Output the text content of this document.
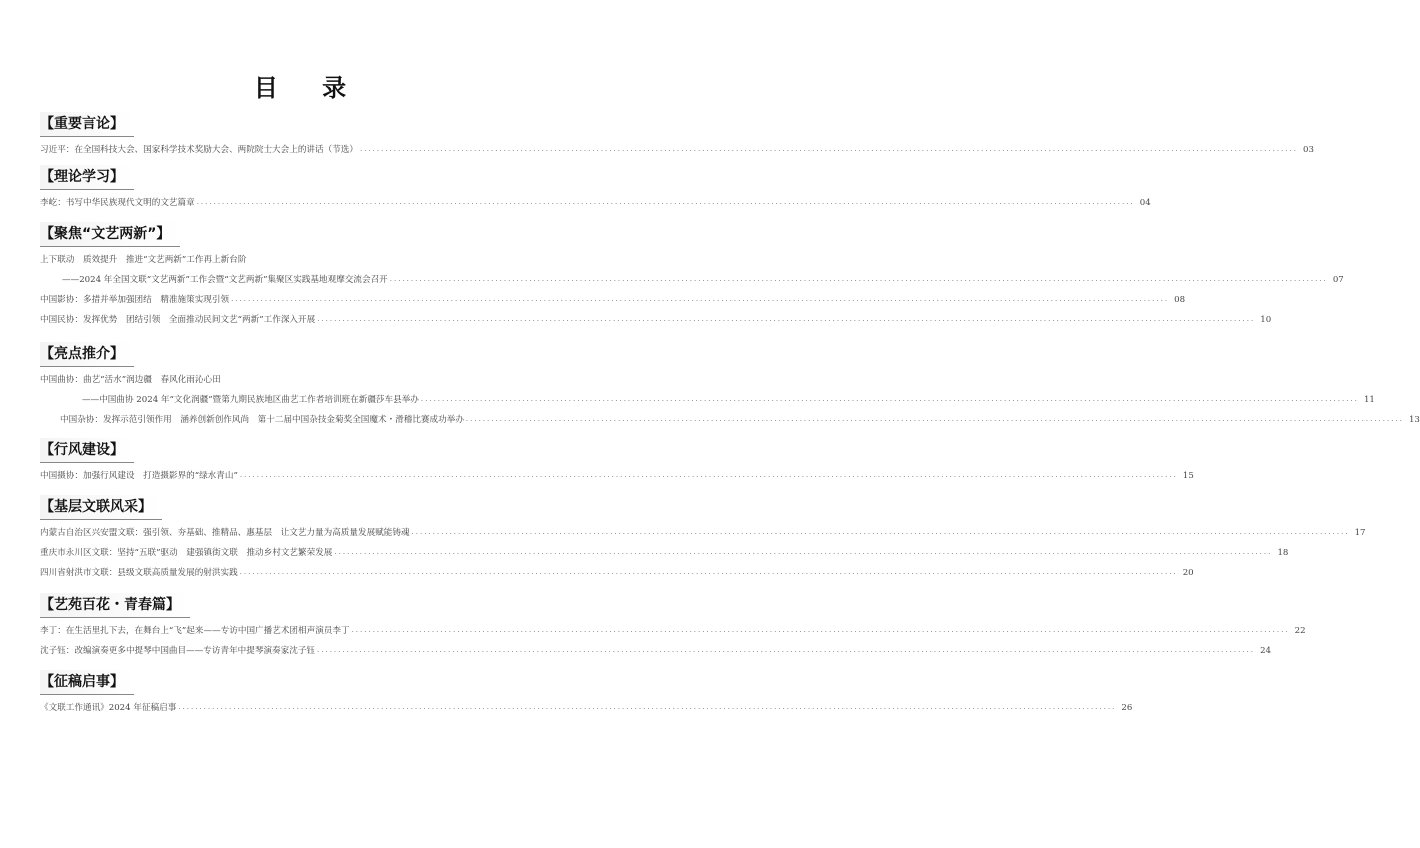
目 录
【重要言论】
习近平：在全国科技大会、国家科学技术奖励大会、两院院士大会上的讲话（节选） .............................................................................................................................................................................................................................. 03
【理论学习】
李屹：书写中华民族现代文明的文艺篇章 .............................................................................................................................................................................................................................. 04
【聚焦“文艺两新”】
上下联动　质效提升　推进“文艺两新”工作再上新台阶
——2024 年全国文联“文艺两新”工作会暨“文艺两新”集聚区实践基地观摩交流会召开 .............................................................................................................................................................................................................................. 07
中国影协：多措并举加强团结　精准施策实现引领 .............................................................................................................................................................................................................................. 08
中国民协：发挥优势　团结引领　全面推动民间文艺“两新”工作深入开展 .............................................................................................................................................................................................................................. 10
【亮点推介】
中国曲协：曲艺“活水”润边疆　春风化雨沁心田
——中国曲协 2024 年“文化润疆”暨第九期民族地区曲艺工作者培训班在新疆莎车县举办 .............................................................................................................................................................................................................................. 11
中国杂协：发挥示范引领作用　涵养创新创作风尚　第十二届中国杂技金菊奖全国魔术・滑稽比赛成功举办 .............................................................................................................................................................................................................................. 13
【行风建设】
中国摄协：加强行风建设　打造摄影界的“绿水青山” .............................................................................................................................................................................................................................. 15
【基层文联风采】
内蒙古自治区兴安盟文联：强引领、夯基础、推精品、惠基层　让文艺力量为高质量发展赋能铸魂 .............................................................................................................................................................................................................................. 17
重庆市永川区文联：坚持“五联”驱动　建强镇街文联　推动乡村文艺繁荣发展 .............................................................................................................................................................................................................................. 18
四川省射洪市文联：县级文联高质量发展的射洪实践 .............................................................................................................................................................................................................................. 20
【艺苑百花・青春篇】
李丁：在生活里扎下去，在舞台上“飞”起来——专访中国广播艺术团相声演员李丁 .............................................................................................................................................................................................................................. 22
沈子钰：改编演奏更多中提琴中国曲目——专访青年中提琴演奏家沈子钰 .............................................................................................................................................................................................................................. 24
【征稿启事】
《文联工作通讯》2024 年征稿启事 .............................................................................................................................................................................................................................. 26
